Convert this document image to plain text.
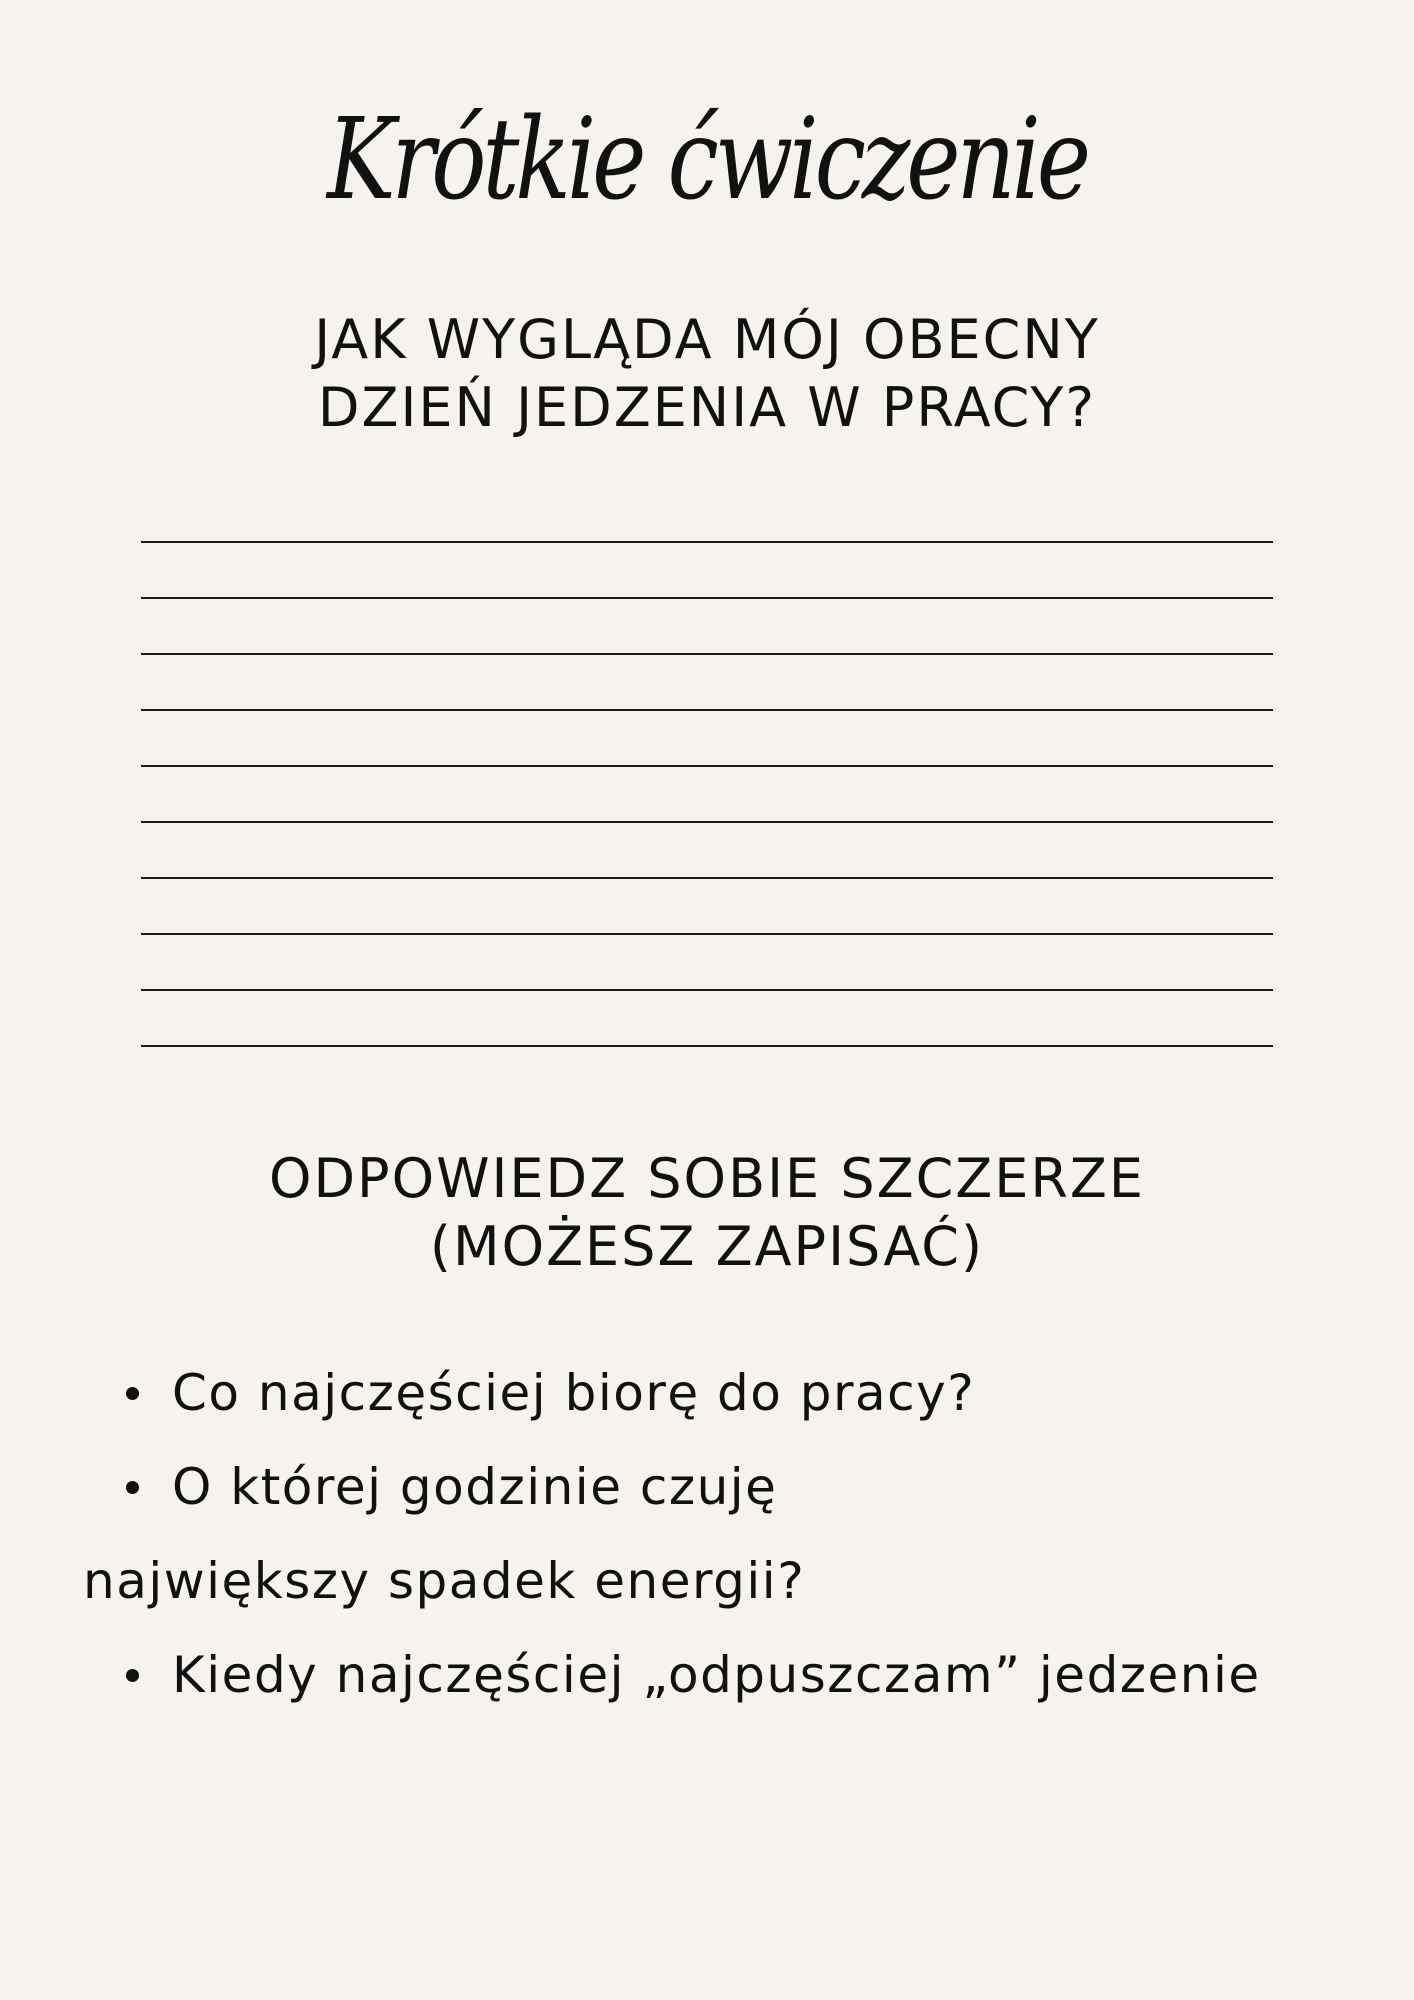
Krótkie ćwiczenie
JAK WYGLĄDA MÓJ OBECNY
DZIEŃ JEDZENIA W PRACY?
ODPOWIEDZ SOBIE SZCZERZE
(MOŻESZ ZAPISAĆ)
Co najczęściej biorę do pracy?
O której godzinie czuję
największy spadek energii?
Kiedy najczęściej „odpuszczam” jedzenie
